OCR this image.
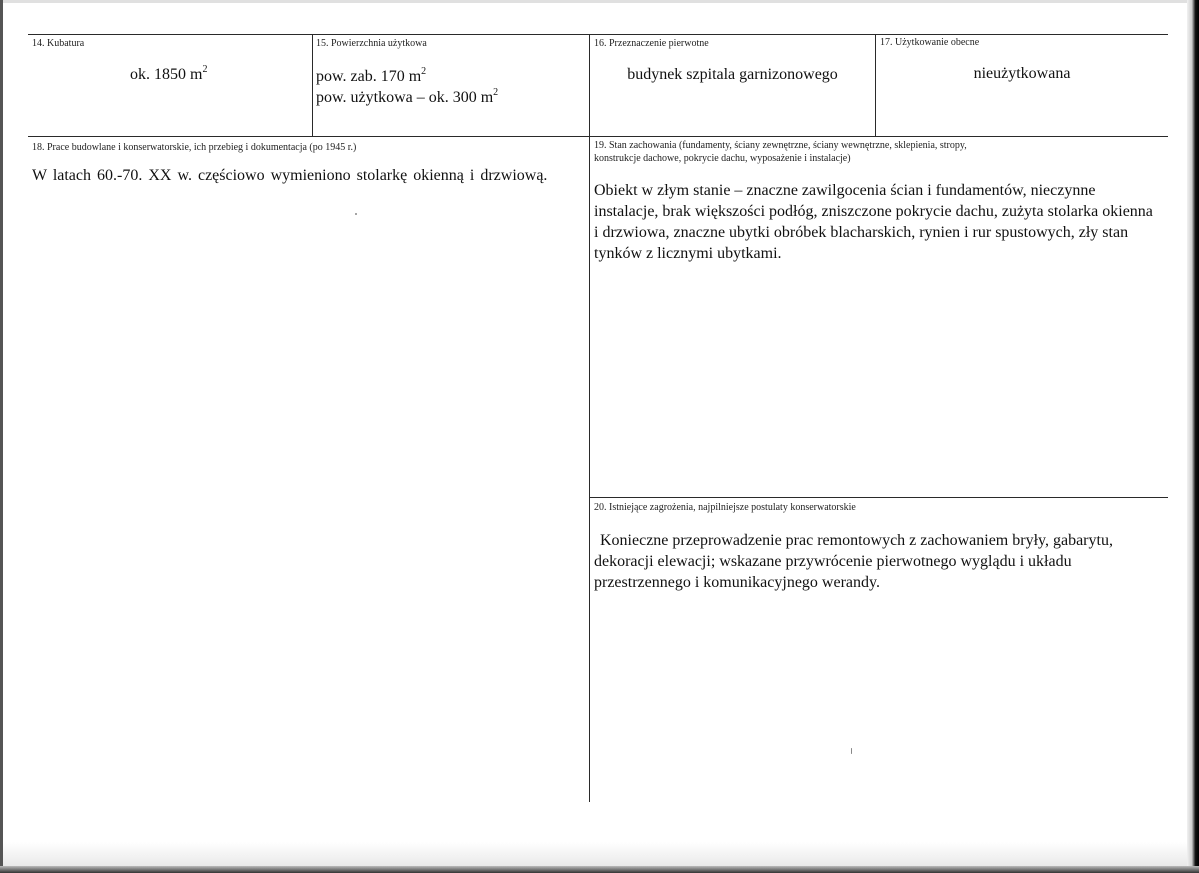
14. Kubatura
ok. 1850 $m^2$
15. Powierzchnia użytkowa
pow. zab. 170 $m^2$
pow. użytkowa – ok. 300 $m^2$
16. Przeznaczenie pierwotne
budynek szpitala garnizonowego
17. Użytkowanie obecne
nieużytkowana
18. Prace budowlane i konserwatorskie, ich przebieg i dokumentacja (po 1945 r.)
W latach 60.-70. XX w. częściowo wymieniono stolarkę okienną i drzwiową.
19. Stan zachowania (fundamenty, ściany zewnętrzne, ściany wewnętrzne, sklepienia, stropy,
konstrukcje dachowe, pokrycie dachu, wyposażenie i instalacje)
Obiekt w złym stanie – znaczne zawilgocenia ścian i fundamentów, nieczynne instalacje, brak większości podłóg, zniszczone pokrycie dachu, zużyta stolarka okienna i drzwiowa, znaczne ubytki obróbek blacharskich, rynien i rur spustowych, zły stan tynków z licznymi ubytkami.
20. Istniejące zagrożenia, najpilniejsze postulaty konserwatorskie
Konieczne przeprowadzenie prac remontowych z zachowaniem bryły, gabarytu, dekoracji elewacji; wskazane przywrócenie pierwotnego wyglądu i układu przestrzennego i komunikacyjnego werandy.
